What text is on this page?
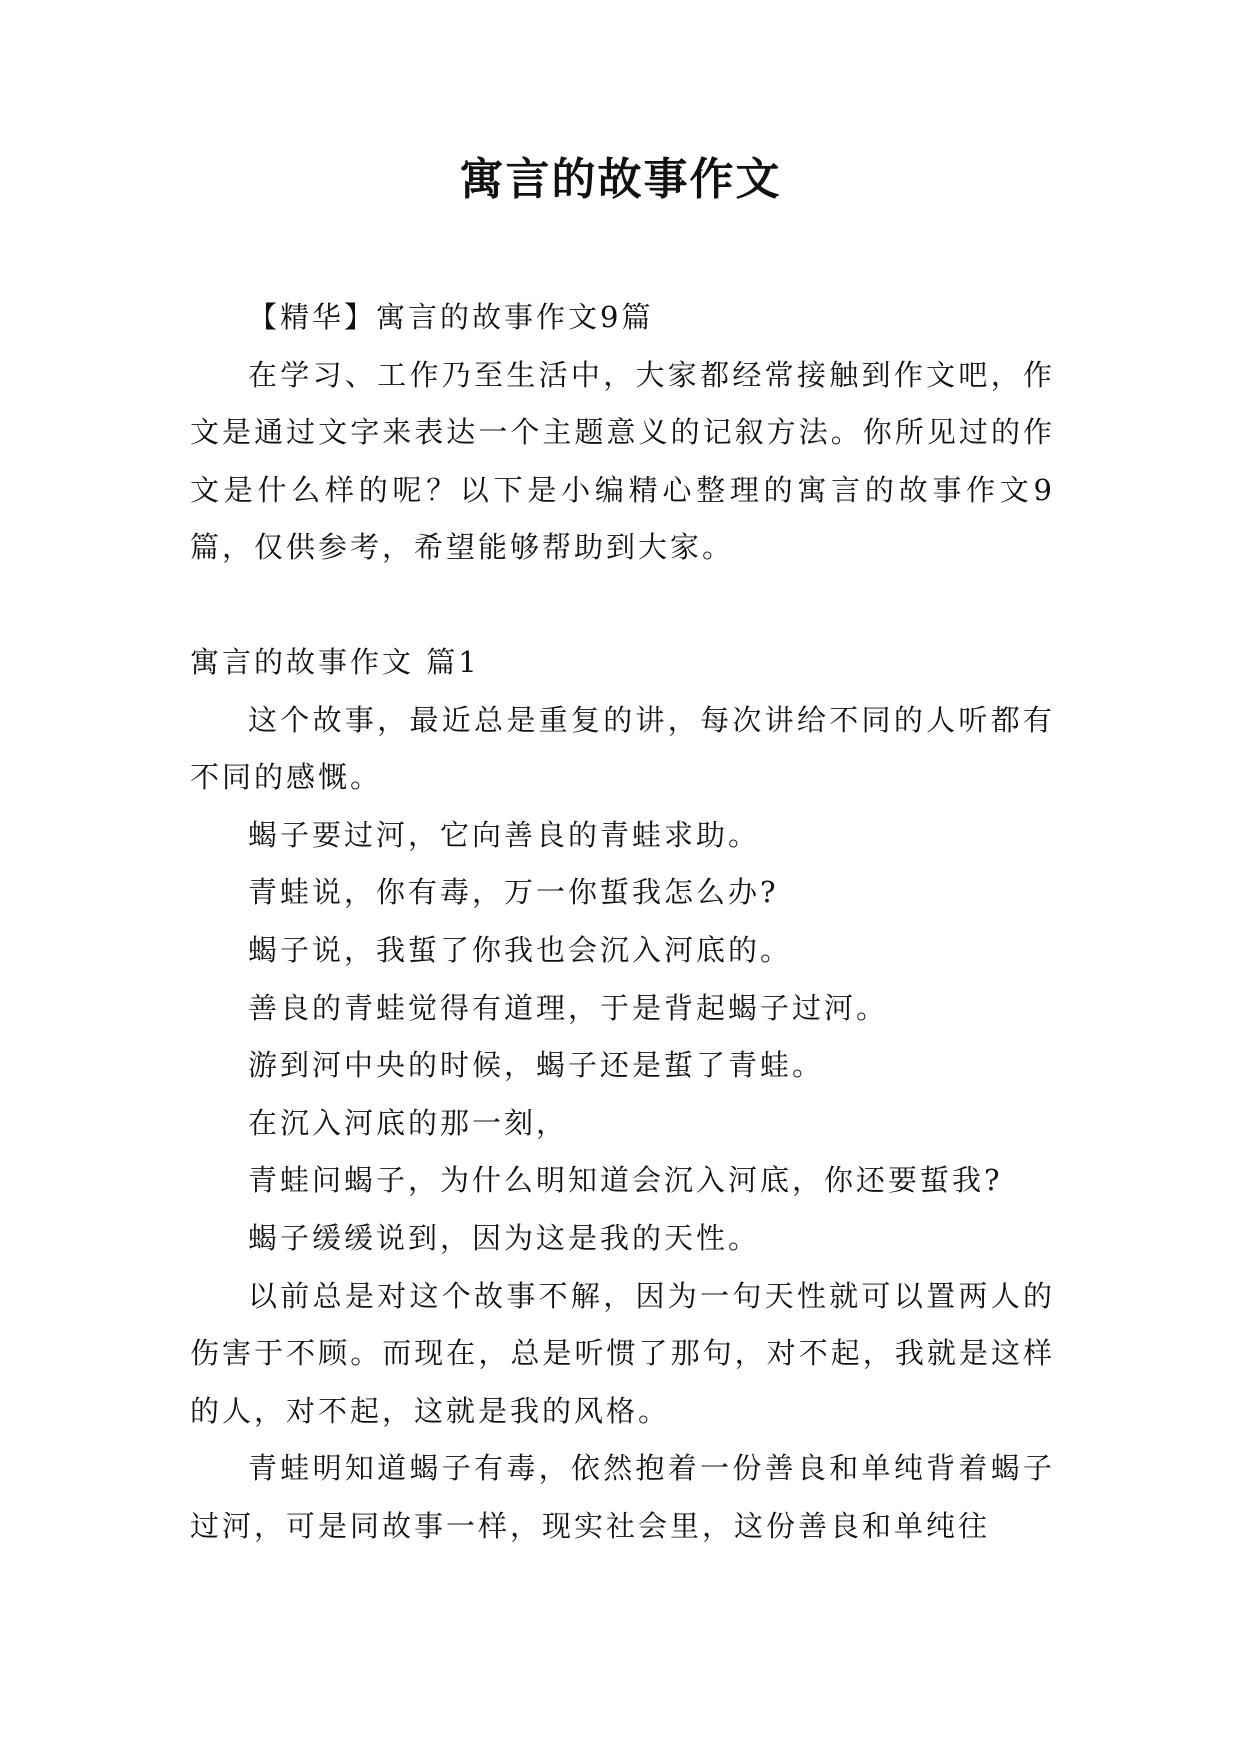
寓言的故事作文

【精华】寓言的故事作文9篇

在学习、工作乃至生活中，大家都经常接触到作文吧，作文是通过文字来表达一个主题意义的记叙方法。你所见过的作文是什么样的呢？以下是小编精心整理的寓言的故事作文9篇，仅供参考，希望能够帮助到大家。

寓言的故事作文 篇1

这个故事，最近总是重复的讲，每次讲给不同的人听都有不同的感慨。

蝎子要过河，它向善良的青蛙求助。

青蛙说，你有毒，万一你蜇我怎么办?

蝎子说，我蜇了你我也会沉入河底的。

善良的青蛙觉得有道理，于是背起蝎子过河。

游到河中央的时候，蝎子还是蜇了青蛙。

在沉入河底的那一刻，

青蛙问蝎子，为什么明知道会沉入河底，你还要蜇我?

蝎子缓缓说到，因为这是我的天性。

以前总是对这个故事不解，因为一句天性就可以置两人的伤害于不顾。而现在，总是听惯了那句，对不起，我就是这样的人，对不起，这就是我的风格。

青蛙明知道蝎子有毒，依然抱着一份善良和单纯背着蝎子过河，可是同故事一样，现实社会里，这份善良和单纯往
